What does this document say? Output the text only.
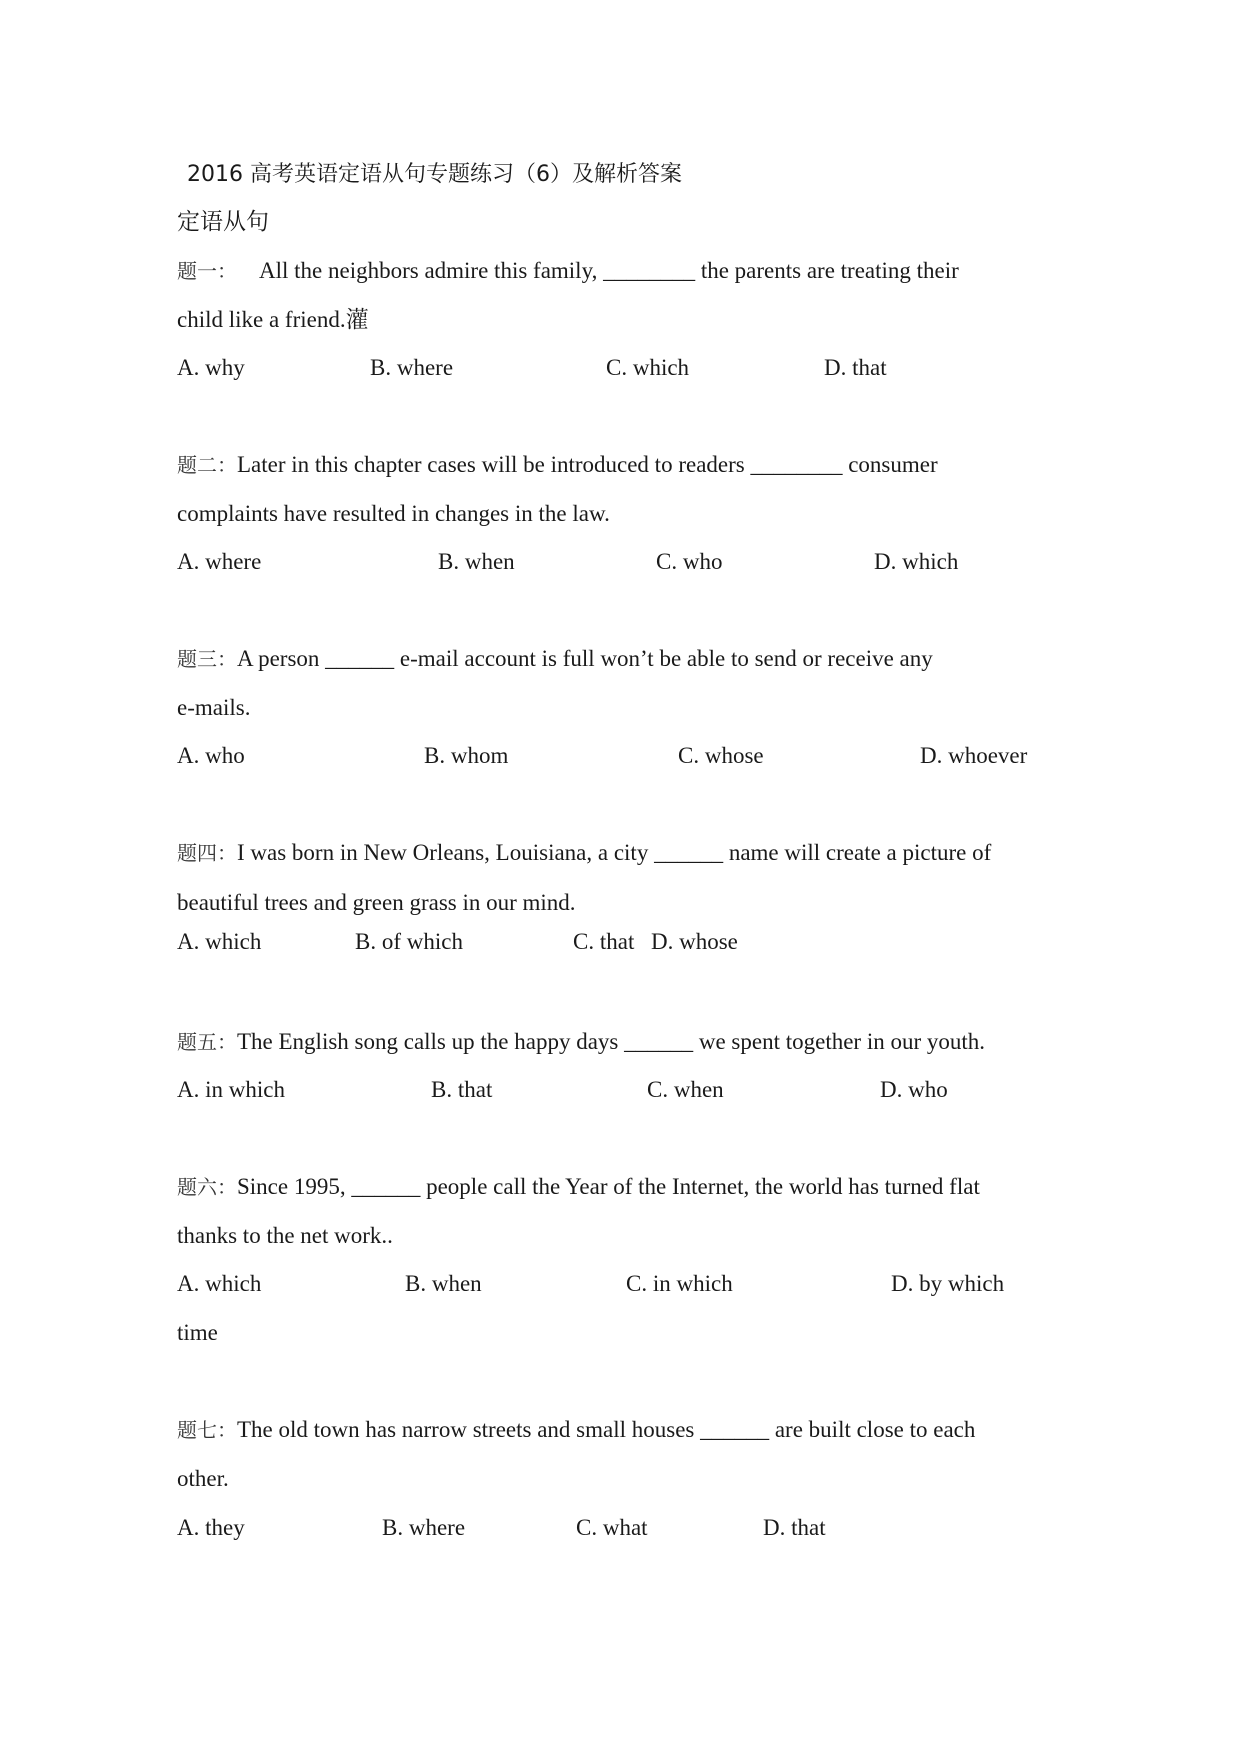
2016 高考英语定语从句专题练习（6）及解析答案
定语从句
题一： All the neighbors admire this family, ________ the parents are treating their
child like a friend.灌
A. why	B. where	C. which	D. that
题二：Later in this chapter cases will be introduced to readers ________ consumer
complaints have resulted in changes in the law.
A. where	B. when	C. who	D. which
题三：A person ______ e-mail account is full won’t be able to send or receive any
e-mails.
A. who	B. whom	C. whose	D. whoever
题四：I was born in New Orleans, Louisiana, a city ______ name will create a picture of
beautiful trees and green grass in our mind.
A. which	B. of which	C. that D. whose
题五：The English song calls up the happy days ______ we spent together in our youth.
A. in which	B. that	C. when	D. who
题六：Since 1995, ______ people call the Year of the Internet, the world has turned flat
thanks to the net work..
A. which	B. when	C. in which	D. by which
time
题七：The old town has narrow streets and small houses ______ are built close to each
other.
A. they	B. where	C. what	D. that
